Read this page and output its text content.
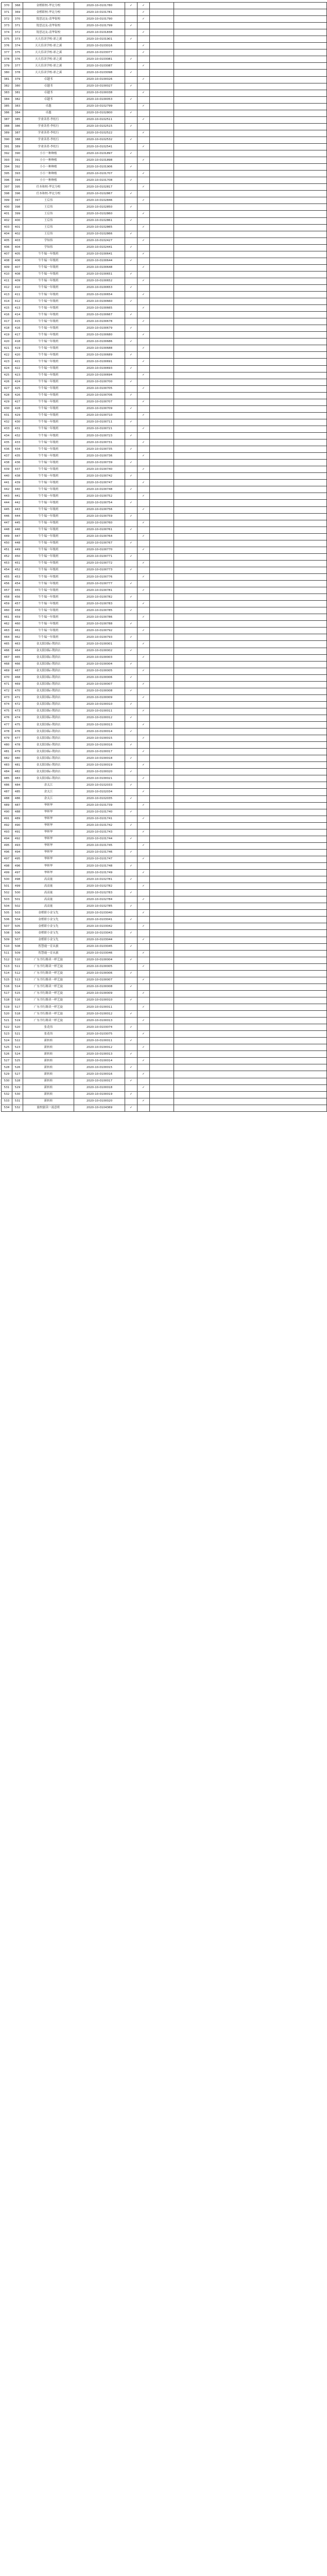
370	368	金橙职校-华北分校	2020-10-0101780	✓	✓		
371	369	金橙职校-华北分校	2020-10-0101781		✓		
372	370	锐思达友-清华街校	2020-10-0101790		✓		
373	371	锐思达友-清华街校	2020-10-0101799	✓			
374	372	锐思达友-清华街校	2020-10-0101838		✓		
375	373	天天乐读学校-彩之溪	2020-10-0101901	✓			
376	374	天天乐读学校-彩之溪	2020-10-0103016		✓		
377	375	天天乐读学校-彩之溪	2020-10-0103077		✓		
378	376	天天乐读学校-彩之溪	2020-10-0103081	✓			
379	377	天天乐读学校-彩之溪	2020-10-0103087		✓		
380	378	天天乐读学校-彩之溪	2020-10-0103098	✓			
381	379	卓越书	2020-10-0100026		✓		
382	380	卓越书	2020-10-0100027	✓			
383	381	卓越书	2020-10-0100038		✓		
384	382	卓越书	2020-10-0100053	✓			
385	383	卓越	2020-10-0102799		✓		
386	384	卓越	2020-10-0102800	✓			
387	385	学业读者-李松行	2020-10-0102511		✓		
388	386	学业读者-李松行	2020-10-0102515	✓			
389	387	学业读者-李松行	2020-10-0102522		✓		
390	388	学业读者-李松行	2020-10-0102532	✓			
391	389	学业读者-李松行	2020-10-0102541		✓		
392	390	小小一种种植	2020-10-0101897	✓			
393	391	小小一种种植	2020-10-0101898		✓		
394	392	小小一种种植	2020-10-0101906	✓			
395	393	小小一种种植	2020-10-0101707		✓		
396	394	小小一种种植	2020-10-0101708	✓			
397	395	任本和校-华北分校	2020-10-0102817		✓		
398	396	任本和校-华北分校	2020-10-0102867	✓			
399	397	王后伟	2020-10-0102846		✓		
400	398	王后伟	2020-10-0102850	✓			
401	399	王后伟	2020-10-0102860		✓		
402	400	王后伟	2020-10-0102861	✓			
403	401	王后伟	2020-10-0102865		✓		
404	402	王后伟	2020-10-0102866	✓			
405	403	学知伟	2020-10-0102427		✓		
406	404	学知伟	2020-10-0102441	✓			
407	405	牛牛编一年级班	2020-10-0100641		✓		
408	406	牛牛编一年级班	2020-10-0100644	✓			
409	407	牛牛编一年级班	2020-10-0100648		✓		
410	408	牛牛编一年级班	2020-10-0100651	✓			
411	409	牛牛编一年级班	2020-10-0100652		✓		
412	410	牛牛编一年级班	2020-10-0100653	✓			
413	411	牛牛编一年级班	2020-10-0100654		✓		
414	412	牛牛编一年级班	2020-10-0100660	✓			
415	413	牛牛编一年级班	2020-10-0100665		✓		
416	414	牛牛编一年级班	2020-10-0100667	✓			
417	415	牛牛编一年级班	2020-10-0100678		✓		
418	416	牛牛编一年级班	2020-10-0100679	✓			
419	417	牛牛编一年级班	2020-10-0100680		✓		
420	418	牛牛编一年级班	2020-10-0100686	✓			
421	419	牛牛编一年级班	2020-10-0100688		✓		
422	420	牛牛编一年级班	2020-10-0100689	✓			
423	421	牛牛编一年级班	2020-10-0100691		✓		
424	422	牛牛编一年级班	2020-10-0100693	✓			
425	423	牛牛编一年级班	2020-10-0100694		✓		
426	424	牛牛编一年级班	2020-10-0100700	✓			
427	425	牛牛编一年级班	2020-10-0100705		✓		
428	426	牛牛编一年级班	2020-10-0100706	✓			
429	427	牛牛编一年级班	2020-10-0100707		✓		
430	428	牛牛编一年级班	2020-10-0100709	✓			
431	429	牛牛编一年级班	2020-10-0100710		✓		
432	430	牛牛编一年级班	2020-10-0100711	✓			
433	431	牛牛编一年级班	2020-10-0100721		✓		
434	432	牛牛编一年级班	2020-10-0100723	✓			
435	433	牛牛编一年级班	2020-10-0100731		✓		
436	434	牛牛编一年级班	2020-10-0100735	✓			
437	435	牛牛编一年级班	2020-10-0100736		✓		
438	436	牛牛编一年级班	2020-10-0100739	✓			
439	437	牛牛编一年级班	2020-10-0100740		✓		
440	438	牛牛编一年级班	2020-10-0100742	✓			
441	439	牛牛编一年级班	2020-10-0100747		✓		
442	440	牛牛编一年级班	2020-10-0100748	✓			
443	441	牛牛编一年级班	2020-10-0100752		✓		
444	442	牛牛编一年级班	2020-10-0100754	✓			
445	443	牛牛编一年级班	2020-10-0100756		✓		
446	444	牛牛编一年级班	2020-10-0100759	✓			
447	445	牛牛编一年级班	2020-10-0100760		✓		
448	446	牛牛编一年级班	2020-10-0100761	✓			
449	447	牛牛编一年级班	2020-10-0100764		✓		
450	448	牛牛编一年级班	2020-10-0100767	✓			
451	449	牛牛编一年级班	2020-10-0100770		✓		
452	450	牛牛编一年级班	2020-10-0100771	✓			
453	451	牛牛编一年级班	2020-10-0100772		✓		
454	452	牛牛编一年级班	2020-10-0100773	✓			
455	453	牛牛编一年级班	2020-10-0100776		✓		
456	454	牛牛编一年级班	2020-10-0100777	✓			
457	455	牛牛编一年级班	2020-10-0100781		✓		
458	456	牛牛编一年级班	2020-10-0100782	✓			
459	457	牛牛编一年级班	2020-10-0100783		✓		
460	458	牛牛编一年级班	2020-10-0100785	✓			
461	459	牛牛编一年级班	2020-10-0100786		✓		
462	460	牛牛编一年级班	2020-10-0100788	✓			
463	461	牛牛编一年级班	2020-10-0100792		✓		
464	462	牛牛编一年级班	2020-10-0100793	✓			
465	463	金太阳国际-荆滨店	2020-10-0100001		✓		
466	464	金太阳国际-荆滨店	2020-10-0100002	✓			
467	465	金太阳国际-荆滨店	2020-10-0100003		✓		
468	466	金太阳国际-荆滨店	2020-10-0100004	✓			
469	467	金太阳国际-荆滨店	2020-10-0100005		✓		
470	468	金太阳国际-荆滨店	2020-10-0100006	✓			
471	469	金太阳国际-荆滨店	2020-10-0100007		✓		
472	470	金太阳国际-荆滨店	2020-10-0100008	✓			
473	471	金太阳国际-荆滨店	2020-10-0100009		✓		
474	472	金太阳国际-荆滨店	2020-10-0100010	✓			
475	473	金太阳国际-荆滨店	2020-10-0100011		✓		
476	474	金太阳国际-荆滨店	2020-10-0100012	✓			
477	475	金太阳国际-荆滨店	2020-10-0100013		✓		
478	476	金太阳国际-荆滨店	2020-10-0100014	✓			
479	477	金太阳国际-荆滨店	2020-10-0100015		✓		
480	478	金太阳国际-荆滨店	2020-10-0100016	✓			
481	479	金太阳国际-荆滨店	2020-10-0100017		✓		
482	480	金太阳国际-荆滨店	2020-10-0100018	✓			
483	481	金太阳国际-荆滨店	2020-10-0100019		✓		
484	482	金太阳国际-荆滨店	2020-10-0100020	✓			
485	483	金太阳国际-荆滨店	2020-10-0100021		✓		
486	484	余太江	2020-10-0102033	✓			
487	485	余太江	2020-10-0102034		✓		
488	486	余太江	2020-10-0102035	✓			
489	487	华晖华	2020-10-0101739		✓		
490	488	华晖华	2020-10-0101740	✓			
491	489	华晖华	2020-10-0101741		✓		
492	490	华晖华	2020-10-0101742	✓			
493	491	华晖华	2020-10-0101743		✓		
494	492	华晖华	2020-10-0101744	✓			
495	493	华晖华	2020-10-0101745		✓		
496	494	华晖华	2020-10-0101746	✓			
497	495	华晖华	2020-10-0101747		✓		
498	496	华晖华	2020-10-0101748	✓			
499	497	华晖华	2020-10-0101749		✓		
500	498	高高量	2020-10-0102781	✓			
501	499	高高量	2020-10-0102782		✓		
502	500	高高量	2020-10-0102783	✓			
503	501	高高量	2020-10-0102784		✓		
504	502	高高量	2020-10-0102785	✓			
505	503	金橙职小金宝先	2020-10-0103040		✓		
506	504	金橙职小金宝先	2020-10-0103041	✓			
507	505	金橙职小金宝先	2020-10-0103042		✓		
508	506	金橙职小金宝先	2020-10-0103043	✓			
509	507	金橙职小金宝先	2020-10-0103044		✓		
510	508	智慧鹿一育从旅	2020-10-0103045	✓			
511	509	智慧鹿一育从旅	2020-10-0103046		✓		
512	510	广东书行路读一样艺旋	2020-10-0100004	✓			
513	511	广东书行路读一样艺旋	2020-10-0100005		✓		
514	512	广东书行路读一样艺旋	2020-10-0100006	✓			
515	513	广东书行路读一样艺旋	2020-10-0100007		✓		
516	514	广东书行路读一样艺旋	2020-10-0100008	✓			
517	515	广东书行路读一样艺旋	2020-10-0100009		✓		
518	516	广东书行路读一样艺旋	2020-10-0100010	✓			
519	517	广东书行路读一样艺旋	2020-10-0100011		✓		
520	518	广东书行路读一样艺旋	2020-10-0100012	✓			
521	519	广东书行路读一样艺旋	2020-10-0100013		✓		
522	520	张花伟	2020-10-0103074	✓			
523	521	张花伟	2020-10-0103075		✓		
524	522	新转转	2020-10-0100011	✓			
525	523	新转转	2020-10-0100012		✓		
526	524	新转转	2020-10-0100013	✓			
527	525	新转转	2020-10-0100014		✓		
528	526	新转转	2020-10-0100015	✓			
529	527	新转转	2020-10-0100016		✓		
530	528	新转转	2020-10-0100017	✓			
531	529	新转转	2020-10-0100018		✓		
532	530	新转转	2020-10-0100019	✓			
533	531	新转转	2020-10-0100020		✓		
534	532	旅校旅读一流意班	2020-10-0104369	✓			
